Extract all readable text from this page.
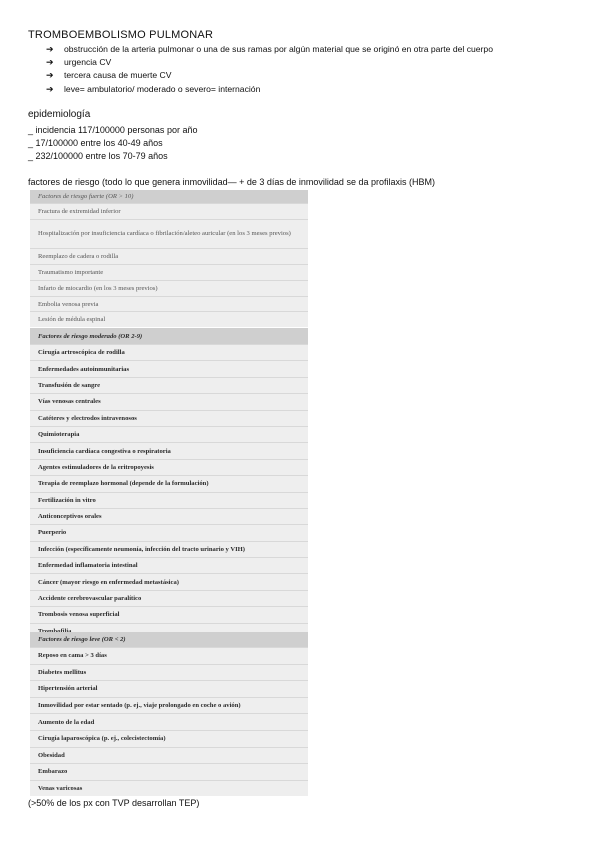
TROMBOEMBOLISMO PULMONAR
➔ obstrucción de la arteria pulmonar o una de sus ramas por algún material que se originó en otra parte del cuerpo
➔ urgencia CV
➔ tercera causa de muerte CV
➔ leve= ambulatorio/ moderado o severo= internación
epidemiología
_ incidencia 117/100000 personas por año
_ 17/100000 entre los 40-49 años
_ 232/100000 entre los 70-79 años
factores de riesgo (todo lo que genera inmovilidad— + de 3 días de inmovilidad se da profilaxis (HBM)
Factores de riesgo fuerte (OR > 10)
Fractura de extremidad inferior
Hospitalización por insuficiencia cardíaca o fibrilación/aleteo auricular (en los 3 meses previos)
Reemplazo de cadera o rodilla
Traumatismo importante
Infarto de miocardio (en los 3 meses previos)
Embolia venosa previa
Lesión de médula espinal
Factores de riesgo moderado (OR 2-9)
Cirugía artroscópica de rodilla
Enfermedades autoinmunitarias
Transfusión de sangre
Vías venosas centrales
Catéteres y electrodos intravenosos
Quimioterapia
Insuficiencia cardíaca congestiva o respiratoria
Agentes estimuladores de la eritropoyesis
Terapia de reemplazo hormonal (depende de la formulación)
Fertilización in vitro
Anticonceptivos orales
Puerperio
Infección (específicamente neumonía, infección del tracto urinario y VIH)
Enfermedad inflamatoria intestinal
Cáncer (mayor riesgo en enfermedad metastásica)
Accidente cerebrovascular paralítico
Trombosis venosa superficial
Factores de riesgo leve (OR < 2)
Reposo en cama > 3 días
Diabetes mellitus
Hipertensión arterial
Inmovilidad por estar sentado (p. ej., viaje prolongado en coche o avión)
Aumento de la edad
Cirugía laparoscópica (p. ej., colecistectomía)
Obesidad
Embarazo
Venas varicosas
(>50% de los px con TVP desarrollan TEP)
